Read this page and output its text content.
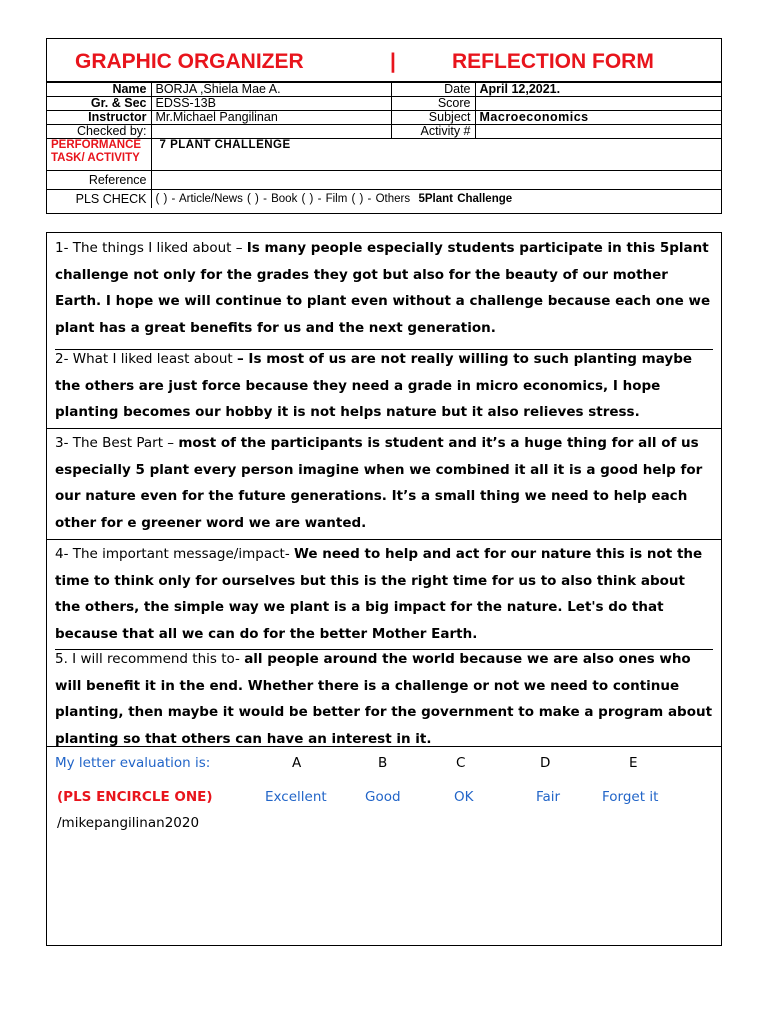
GRAPHIC ORGANIZER	|	REFLECTION FORM
Name	BORJA ,Shiela Mae A.	Date	April 12,2021.
Gr. & Sec	EDSS-13B	Score	
Instructor	Mr.Michael Pangilinan	Subject	Macroeconomics
Checked by:		Activity #	
PERFORMANCE TASK/ ACTIVITY	7 PLANT CHALLENGE		
Reference			
PLS CHECK	( ) - Article/News ( ) - Book ( ) - Film ( ) - Others 5Plant Challenge		
1- The things I liked about – Is many people especially students participate in this 5plant challenge not only for the grades they got but also for the beauty of our mother Earth. I hope we will continue to plant even without a challenge because each one we plant has a great benefits for us and the next generation.
2- What I liked least about – Is most of us are not really willing to such planting maybe the others are just force because they need a grade in micro economics, I hope planting becomes our hobby it is not helps nature but it also relieves stress.
3- The Best Part – most of the participants is student and it’s a huge thing for all of us especially 5 plant every person imagine when we combined it all it is a good help for our nature even for the future generations. It’s a small thing we need to help each other for e greener word we are wanted.
4- The important message/impact- We need to help and act for our nature this is not the time to think only for ourselves but this is the right time for us to also think about the others, the simple way we plant is a big impact for the nature. Let's do that because that all we can do for the better Mother Earth.
5. I will recommend this to- all people around the world because we are also ones who will benefit it in the end. Whether there is a challenge or not we need to continue planting, then maybe it would be better for the government to make a program about planting so that others can have an interest in it.
My letter evaluation is:	A	B	C	D	E
(PLS ENCIRCLE ONE)	Excellent	Good	OK	Fair	Forget it
/mikepangilinan2020
